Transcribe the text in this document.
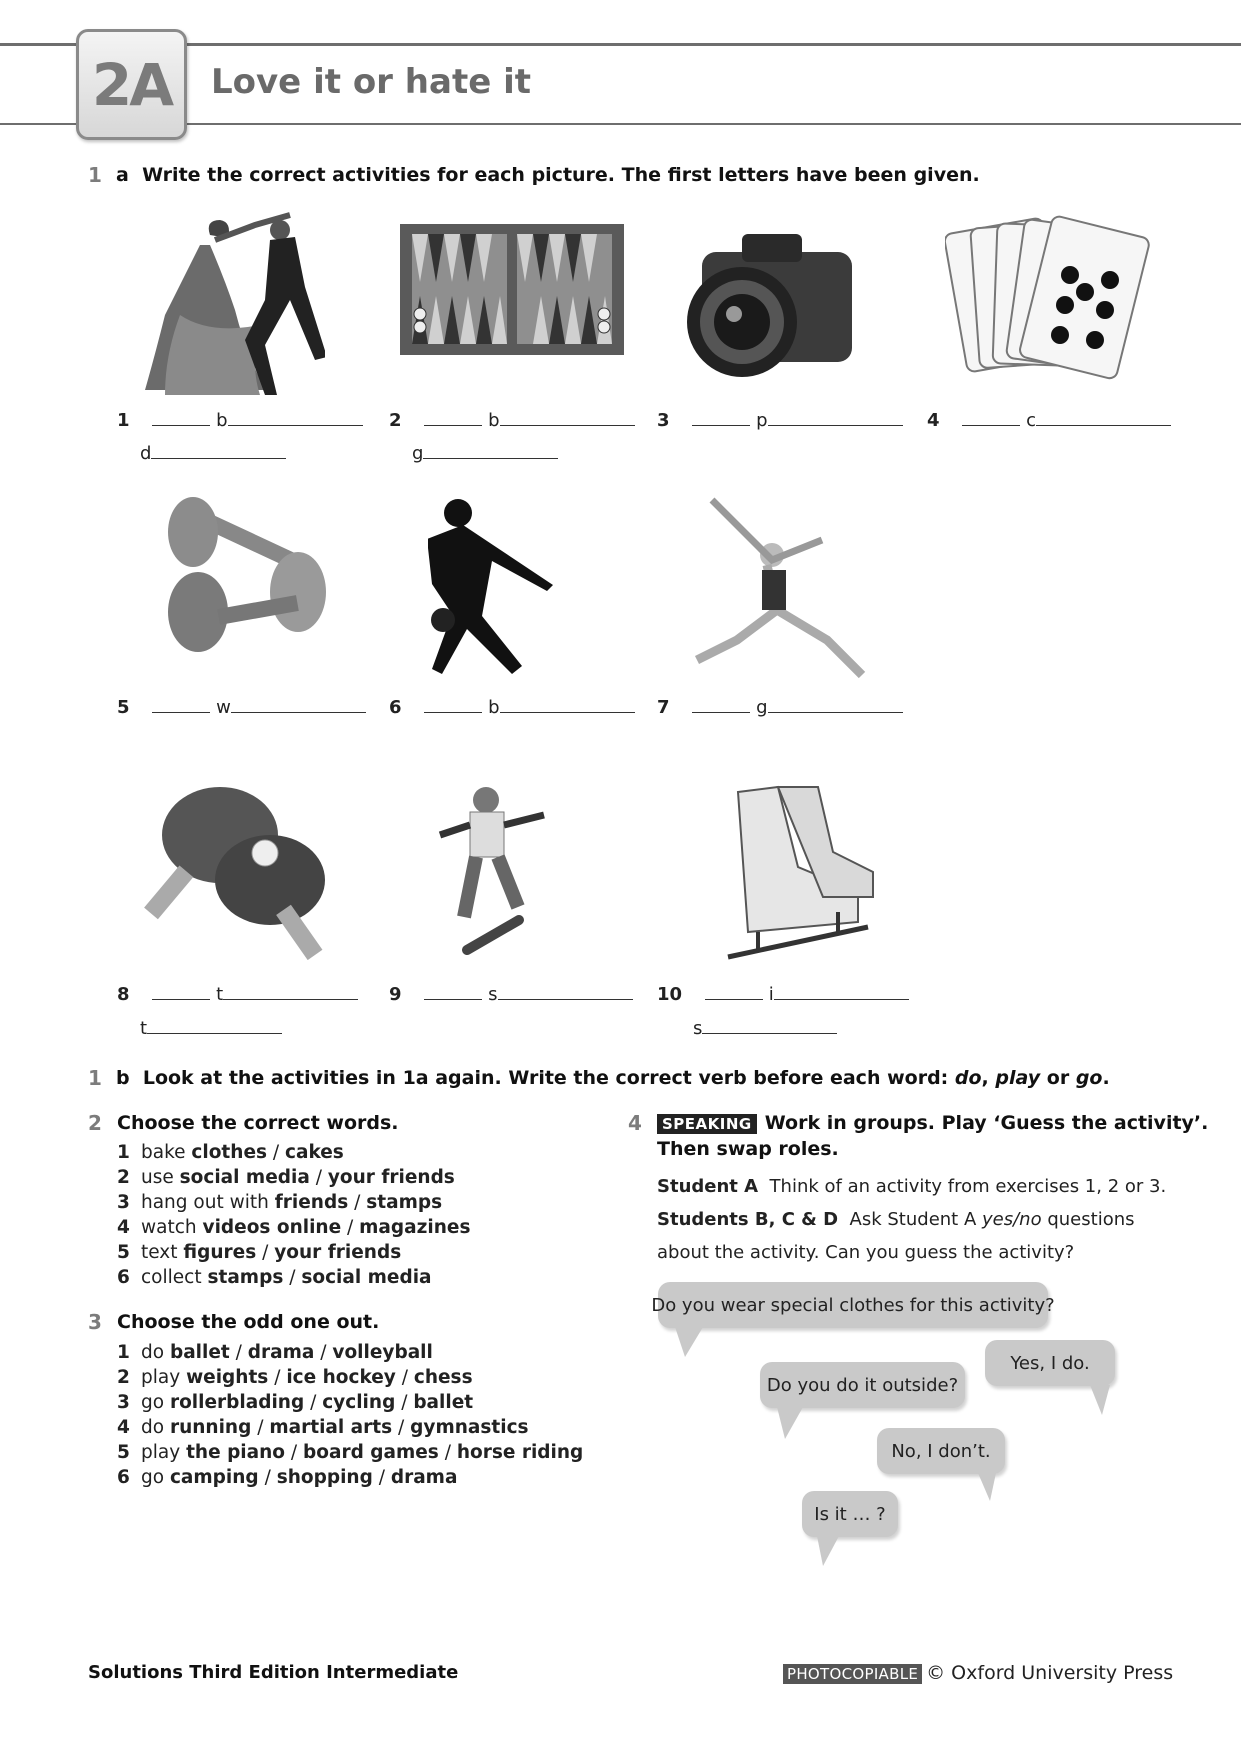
2A Love it or hate it
1 a Write the correct activities for each picture. The first letters have been given.
1	b
d
2	b
g
3	p	4	c
5	w	6	b	7	g
8	t
t
9	s	10	i
s
1 b Look at the activities in 1a again. Write the correct verb before each word: do, play or go.
2 Choose the correct words.
1 bake clothes / cakes
2 use social media / your friends
3 hang out with friends / stamps
4 watch videos online / magazines
5 text figures / your friends
6 collect stamps / social media
3 Choose the odd one out.
1 do ballet / drama / volleyball
2 play weights / ice hockey / chess
3 go rollerblading / cycling / ballet
4 do running / martial arts / gymnastics
5 play the piano / board games / horse riding
6 go camping / shopping / drama
4	SPEAKING Work in groups. Play ‘Guess the activity’.
Then swap roles.
Student A Think of an activity from exercises 1, 2 or 3.
Students B, C & D Ask Student A yes/no questions
about the activity. Can you guess the activity?
Do you wear special clothes for this activity?
Yes, I do.
Do you do it outside?
No, I don’t.
Is it … ?
Solutions Third Edition Intermediate	PHOTOCOPIABLE © Oxford University Press
